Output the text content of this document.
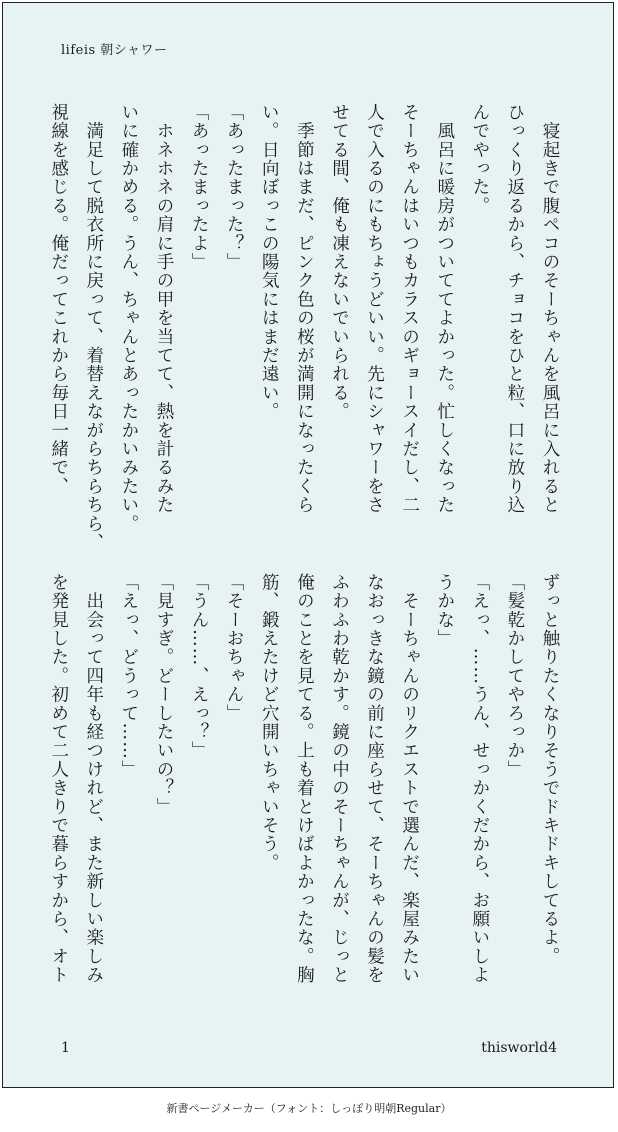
lifeis 朝シャワー

　寝起きで腹ペコのそーちゃんを風呂に入れると

ひっくり返るから、チョコをひと粒、口に放り込

んでやった。

　風呂に暖房がついててよかった。忙しくなった

そーちゃんはいつもカラスのギョースイだし、二

人で入るのにもちょうどいい。先にシャワーをさ

せてる間、俺も凍えないでいられる。

　季節はまだ、ピンク色の桜が満開になったくら

い。日向ぼっこの陽気にはまだ遠い。

「あったまった？」

「あったまったよ」

　ホネホネの肩に手の甲を当てて、熱を計るみた

いに確かめる。うん、ちゃんとあったかいみたい。

　満足して脱衣所に戻って、着替えながらちらちら、

視線を感じる。俺だってこれから毎日一緒で、

ずっと触りたくなりそうでドキドキしてるよ。

「髪乾かしてやろっか」

「えっ、……うん、せっかくだから、お願いしよ

うかな」

　そーちゃんのリクエストで選んだ、楽屋みたい

なおっきな鏡の前に座らせて、そーちゃんの髪を

ふわふわ乾かす。鏡の中のそーちゃんが、じっと

俺のことを見てる。上も着とけばよかったな。胸

筋、鍛えたけど穴開いちゃいそう。

「そーおちゃん」

「うん……、えっ？」

「見すぎ。どーしたいの？」

「えっ、どうって……」

　出会って四年も経つけれど、また新しい楽しみ

を発見した。初めて二人きりで暮らすから、オト

1	thisworld4
新書ページメーカー（フォント：しっぽり明朝Regular）
